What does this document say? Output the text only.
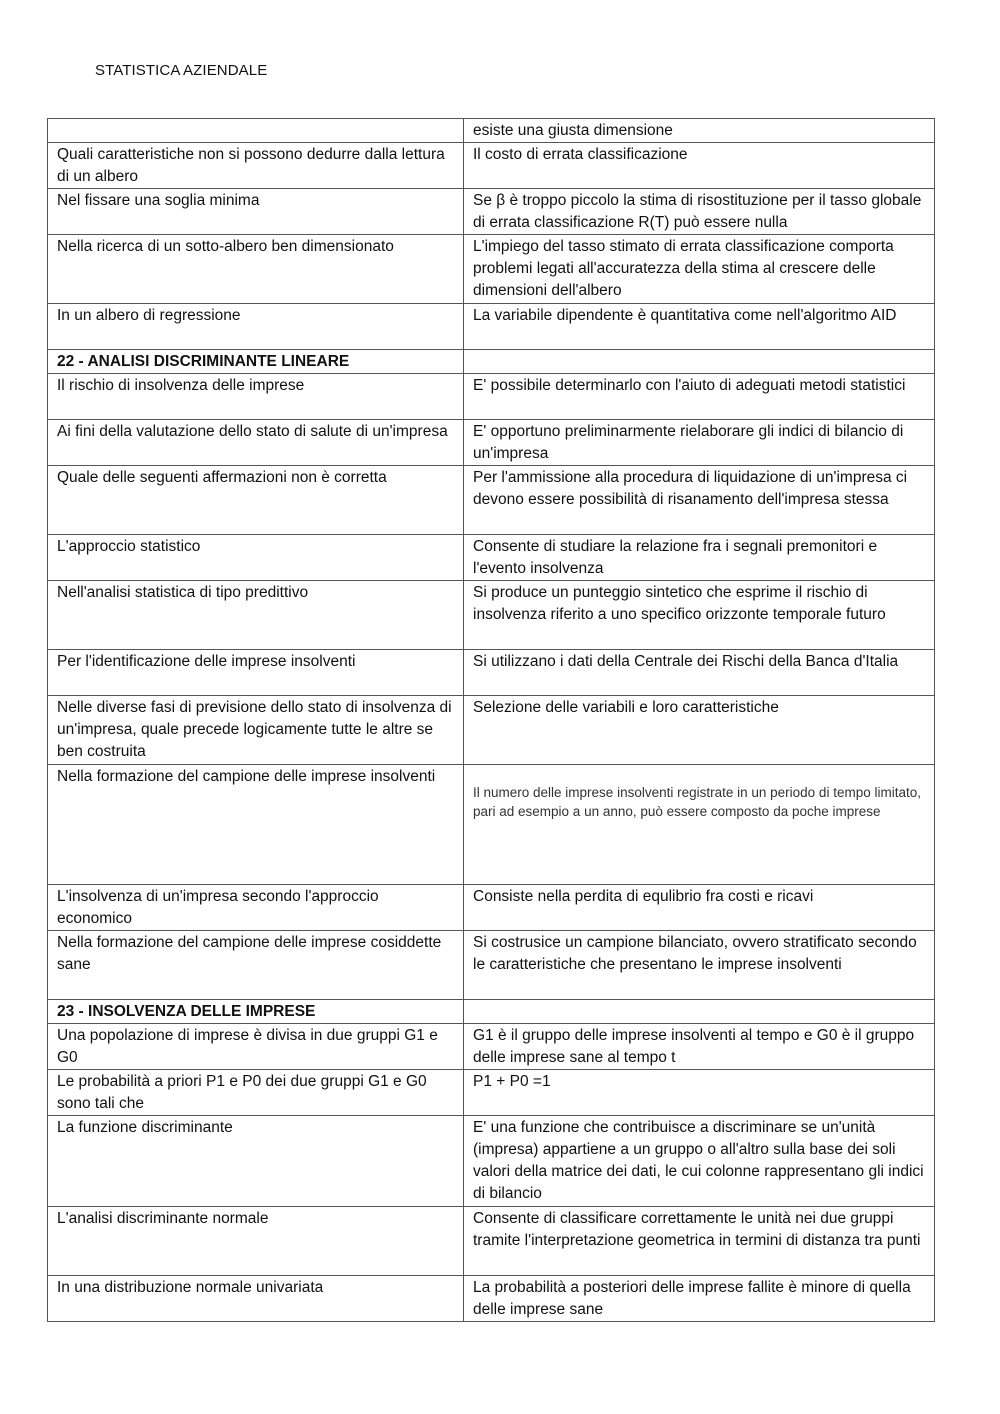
STATISTICA AZIENDALE
	esiste una giusta dimensione
Quali caratteristiche non si possono dedurre dalla lettura di un albero	Il costo di errata classificazione
Nel fissare una soglia minima	Se β è troppo piccolo la stima di risostituzione per il tasso globale di errata classificazione R(T) può essere nulla
Nella ricerca di un sotto-albero ben dimensionato	L'impiego del tasso stimato di errata classificazione comporta problemi legati all'accuratezza della stima al crescere delle dimensioni dell'albero
In un albero di regressione	La variabile dipendente è quantitativa come nell'algoritmo AID
22 - ANALISI DISCRIMINANTE LINEARE	
Il rischio di insolvenza delle imprese	E' possibile determinarlo con l'aiuto di adeguati metodi statistici
Ai fini della valutazione dello stato di salute di un'impresa	E' opportuno preliminarmente rielaborare gli indici di bilancio di un'impresa
Quale delle seguenti affermazioni non è corretta	Per l'ammissione alla procedura di liquidazione di un'impresa ci devono essere possibilità di risanamento dell'impresa stessa
L'approccio statistico	Consente di studiare la relazione fra i segnali premonitori e l'evento insolvenza
Nell'analisi statistica di tipo predittivo	Si produce un punteggio sintetico che esprime il rischio di insolvenza riferito a uno specifico orizzonte temporale futuro
Per l'identificazione delle imprese insolventi	Si utilizzano i dati della Centrale dei Rischi della Banca d'Italia
Nelle diverse fasi di previsione dello stato di insolvenza di un'impresa, quale precede logicamente tutte le altre se ben costruita	Selezione delle variabili e loro caratteristiche
Nella formazione del campione delle imprese insolventi	Il numero delle imprese insolventi registrate in un periodo di tempo limitato, pari ad esempio a un anno, può essere composto da poche imprese
L'insolvenza di un'impresa secondo l'approccio economico	Consiste nella perdita di equlibrio fra costi e ricavi
Nella formazione del campione delle imprese cosiddette sane	Si costrusice un campione bilanciato, ovvero stratificato secondo le caratteristiche che presentano le imprese insolventi
23 - INSOLVENZA DELLE IMPRESE	
Una popolazione di imprese è divisa in due gruppi G1 e G0	G1 è il gruppo delle imprese insolventi al tempo e G0 è il gruppo delle imprese sane al tempo t
Le probabilità a priori P1 e P0 dei due gruppi G1 e G0 sono tali che	P1 + P0 =1
La funzione discriminante	E' una funzione che contribuisce a discriminare se un'unità (impresa) appartiene a un gruppo o all'altro sulla base dei soli valori della matrice dei dati, le cui colonne rappresentano gli indici di bilancio
L'analisi discriminante normale	Consente di classificare correttamente le unità nei due gruppi tramite l'interpretazione geometrica in termini di distanza tra punti
In una distribuzione normale univariata	La probabilità a posteriori delle imprese fallite è minore di quella delle imprese sane
